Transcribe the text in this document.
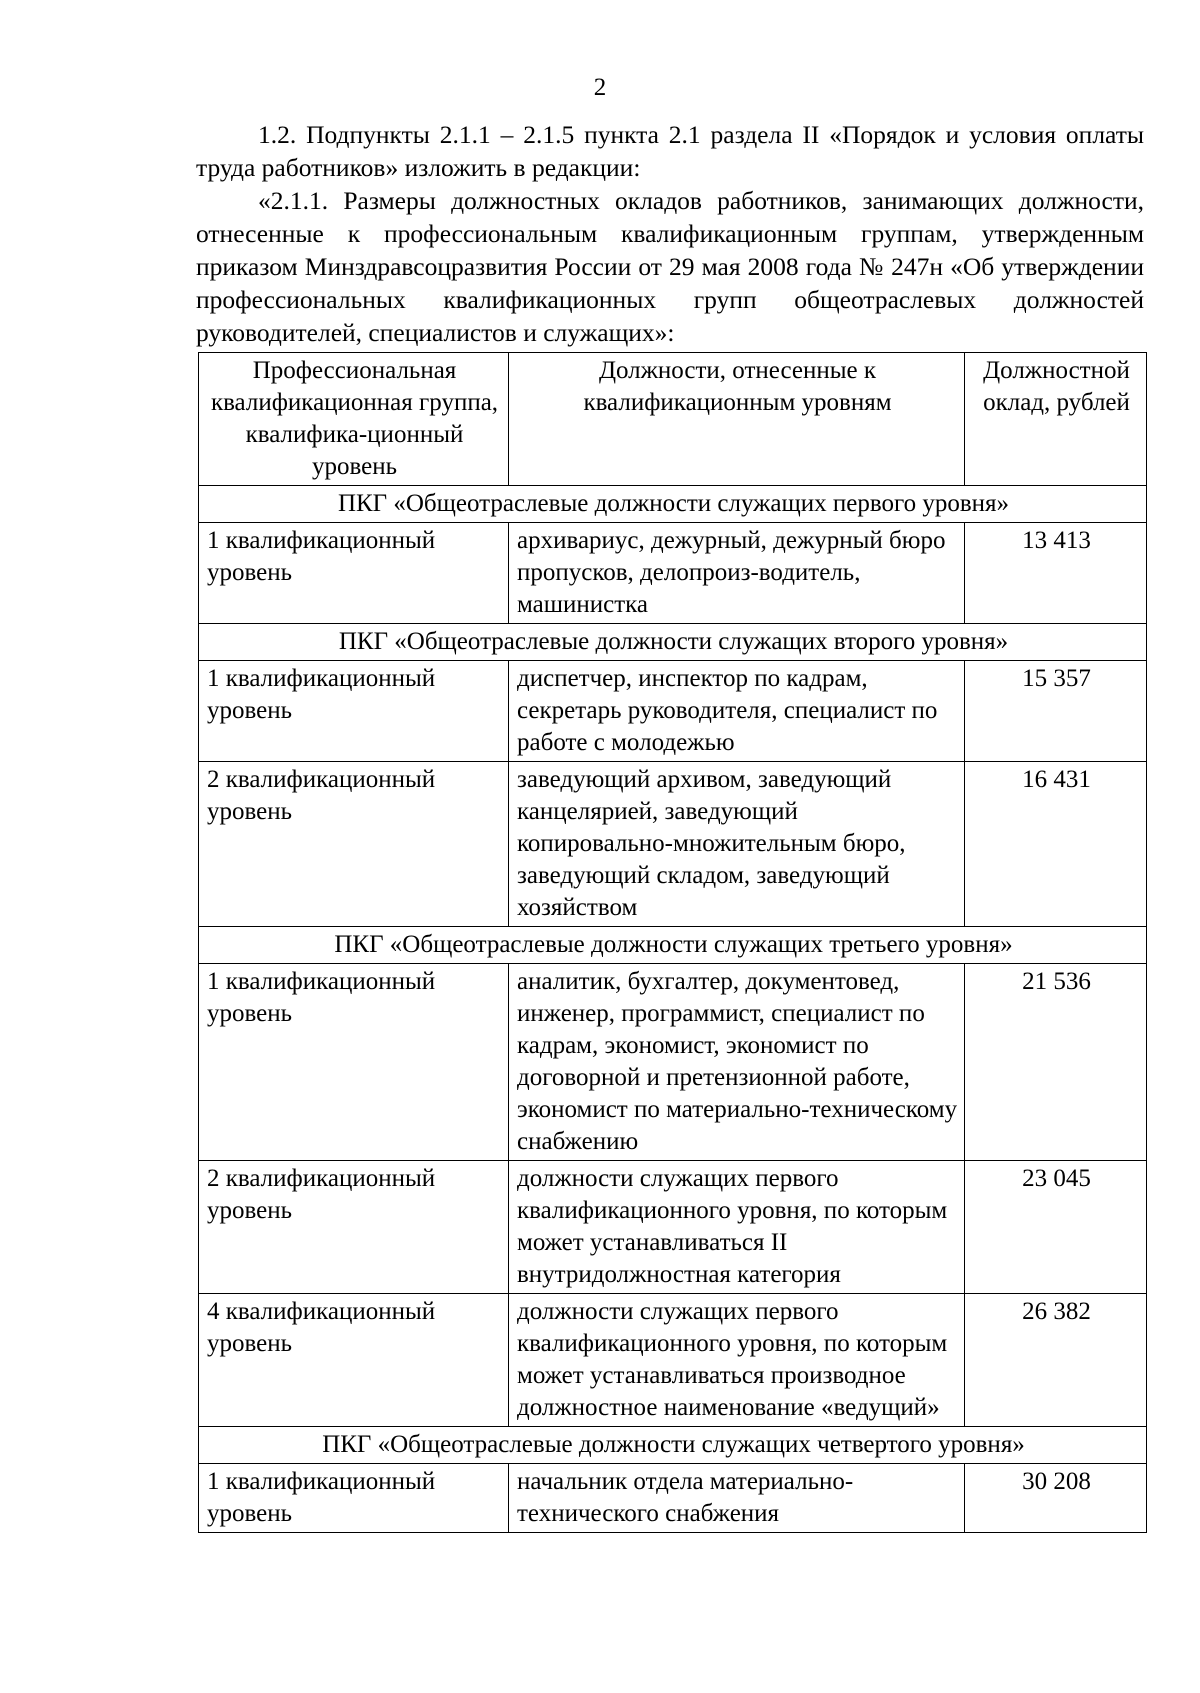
2

1.2. Подпункты 2.1.1 – 2.1.5 пункта 2.1 раздела II «Порядок и условия оплаты труда работников» изложить в редакции:

«2.1.1. Размеры должностных окладов работников, занимающих должности, отнесенные к профессиональным квалификационным группам, утвержденным приказом Минздравсоцразвития России от 29 мая 2008 года № 247н «Об утверждении профессиональных квалификационных групп общеотраслевых должностей руководителей, специалистов и служащих»:

Профессиональная квалификационная группа, квалифика-ционный уровень	Должности, отнесенные к квалификационным уровням	Должностной оклад, рублей
ПКГ «Общеотраслевые должности служащих первого уровня»		
1 квалификационный уровень	архивариус, дежурный, дежурный бюро пропусков, делопроиз-водитель, машинистка	13 413
ПКГ «Общеотраслевые должности служащих второго уровня»		
1 квалификационный уровень	диспетчер, инспектор по кадрам, секретарь руководителя, специалист по работе с молодежью	15 357
2 квалификационный уровень	заведующий архивом, заведующий канцелярией, заведующий копировально-множительным бюро, заведующий складом, заведующий хозяйством	16 431
ПКГ «Общеотраслевые должности служащих третьего уровня»		
1 квалификационный уровень	аналитик, бухгалтер, документовед, инженер, программист, специалист по кадрам, экономист, экономист по договорной и претензионной работе, экономист по материально-техническому снабжению	21 536
2 квалификационный уровень	должности служащих первого квалификационного уровня, по которым может устанавливаться II внутридолжностная категория	23 045
4 квалификационный уровень	должности служащих первого квалификационного уровня, по которым может устанавливаться производное должностное наименование «ведущий»	26 382
ПКГ «Общеотраслевые должности служащих четвертого уровня»		
1 квалификационный уровень	начальник отдела материально-технического снабжения	30 208
